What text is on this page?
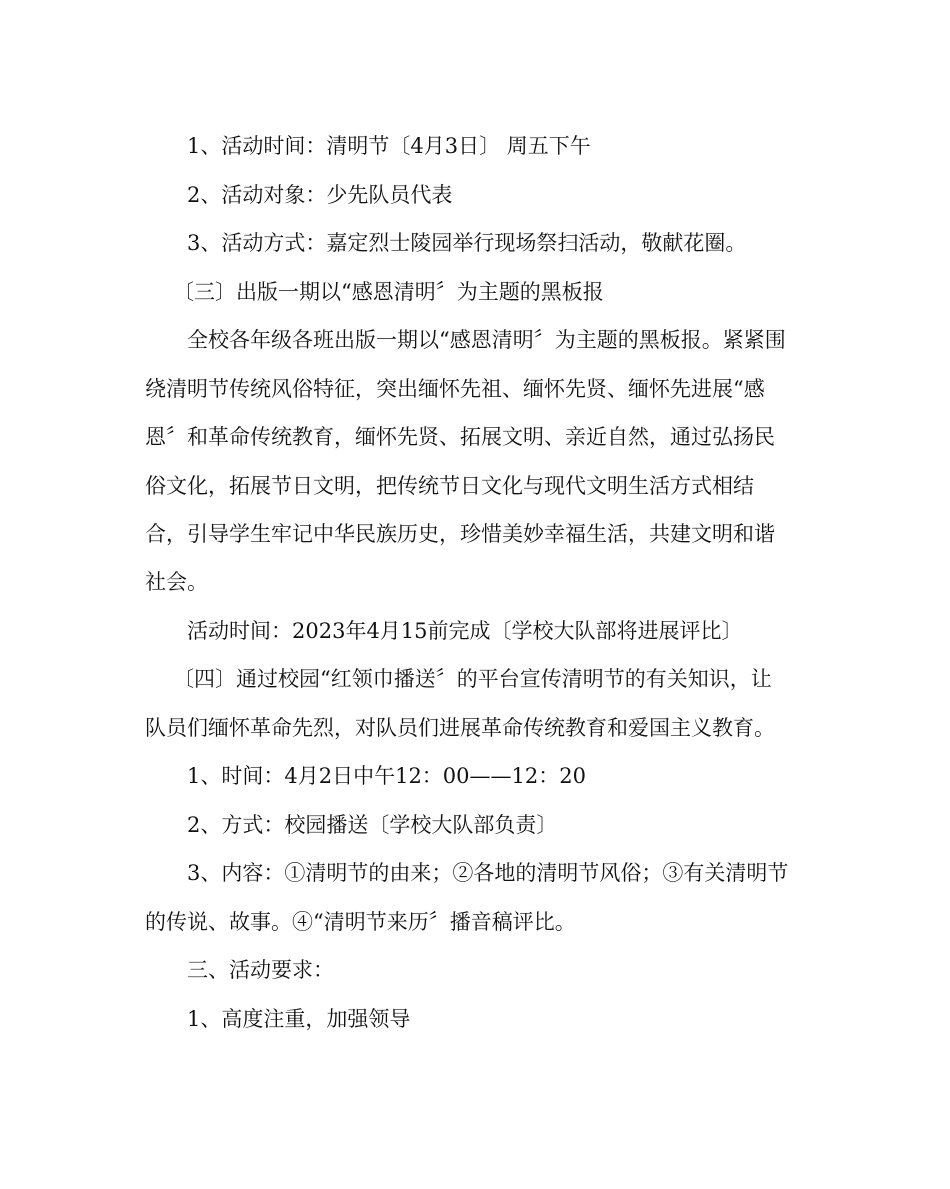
1、活动时间：清明节〔4月3日〕 周五下午

2、活动对象：少先队员代表

3、活动方式：嘉定烈士陵园举行现场祭扫活动，敬献花圈。

〔三〕出版一期以“感恩清明〞为主题的黑板报

全校各年级各班出版一期以“感恩清明〞为主题的黑板报。紧紧围

绕清明节传统风俗特征，突出缅怀先祖、缅怀先贤、缅怀先进展“感

恩〞和革命传统教育，缅怀先贤、拓展文明、亲近自然，通过弘扬民

俗文化，拓展节日文明，把传统节日文化与现代文明生活方式相结

合，引导学生牢记中华民族历史，珍惜美妙幸福生活，共建文明和谐

社会。

活动时间：2023年4月15前完成〔学校大队部将进展评比〕

〔四〕通过校园“红领巾播送〞的平台宣传清明节的有关知识，让

队员们缅怀革命先烈，对队员们进展革命传统教育和爱国主义教育。

1、时间：4月2日中午12：00——12：20

2、方式：校园播送〔学校大队部负责〕

3、内容：①清明节的由来；②各地的清明节风俗；③有关清明节

的传说、故事。④“清明节来历〞播音稿评比。

三、活动要求：

1、高度注重，加强领导
